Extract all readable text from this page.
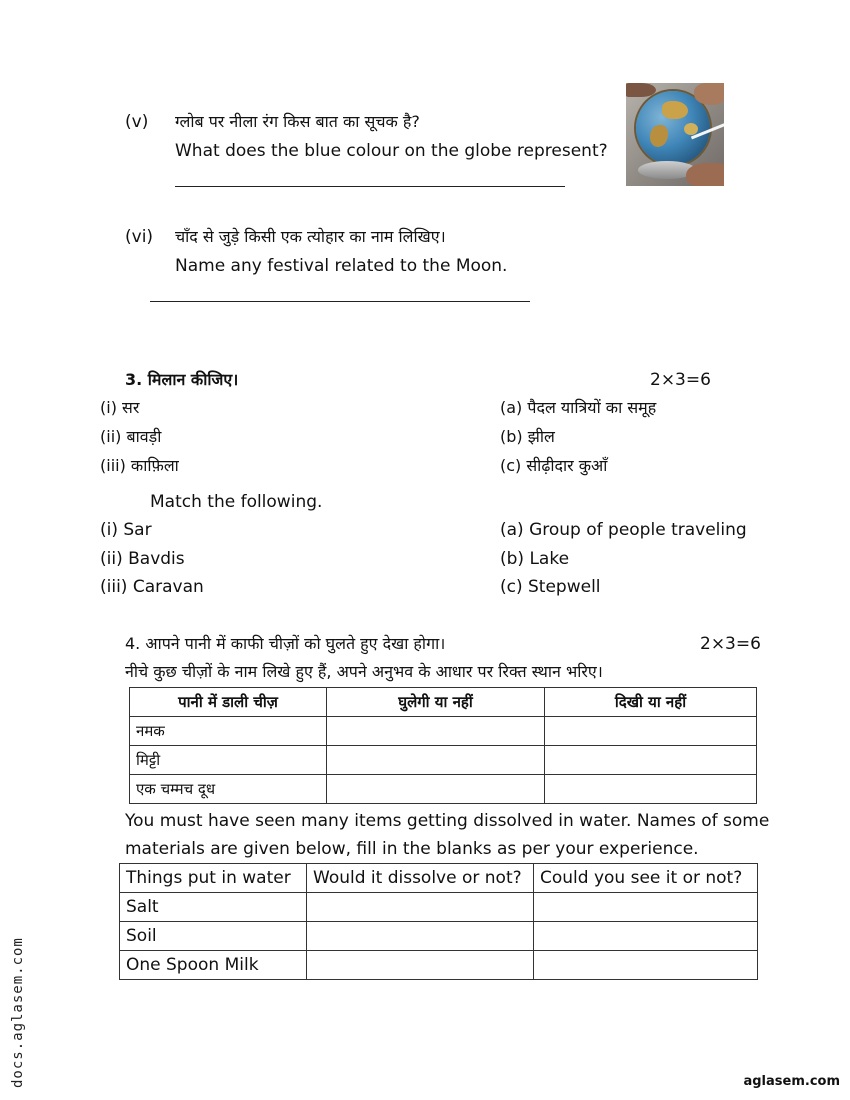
(v) ग्लोब पर नीला रंग किस बात का सूचक है?
What does the blue colour on the globe represent?
(vi) चाँद से जुड़े किसी एक त्योहार का नाम लिखिए।
Name any festival related to the Moon.
3. मिलान कीजिए।	2×3=6
(i) सर
(ii) बावड़ी
(iii) काफ़िला
(a) पैदल यात्रियों का समूह
(b) झील
(c) सीढ़ीदार कुआँ
Match the following.
(i) Sar
(ii) Bavdis
(iii) Caravan
(a) Group of people traveling
(b) Lake
(c) Stepwell
4. आपने पानी में काफी चीज़ों को घुलते हुए देखा होगा।	2×3=6
नीचे कुछ चीज़ों के नाम लिखे हुए हैं, अपने अनुभव के आधार पर रिक्त स्थान भरिए।
पानी में डाली चीज़	घुलेगी या नहीं	दिखी या नहीं
नमक		
मिट्टी		
एक चम्मच दूध		
You must have seen many items getting dissolved in water. Names of some
materials are given below, fill in the blanks as per your experience.
Things put in water	Would it dissolve or not?	Could you see it or not?
Salt		
Soil		
One Spoon Milk		
docs.aglasem.com	aglasem.com
